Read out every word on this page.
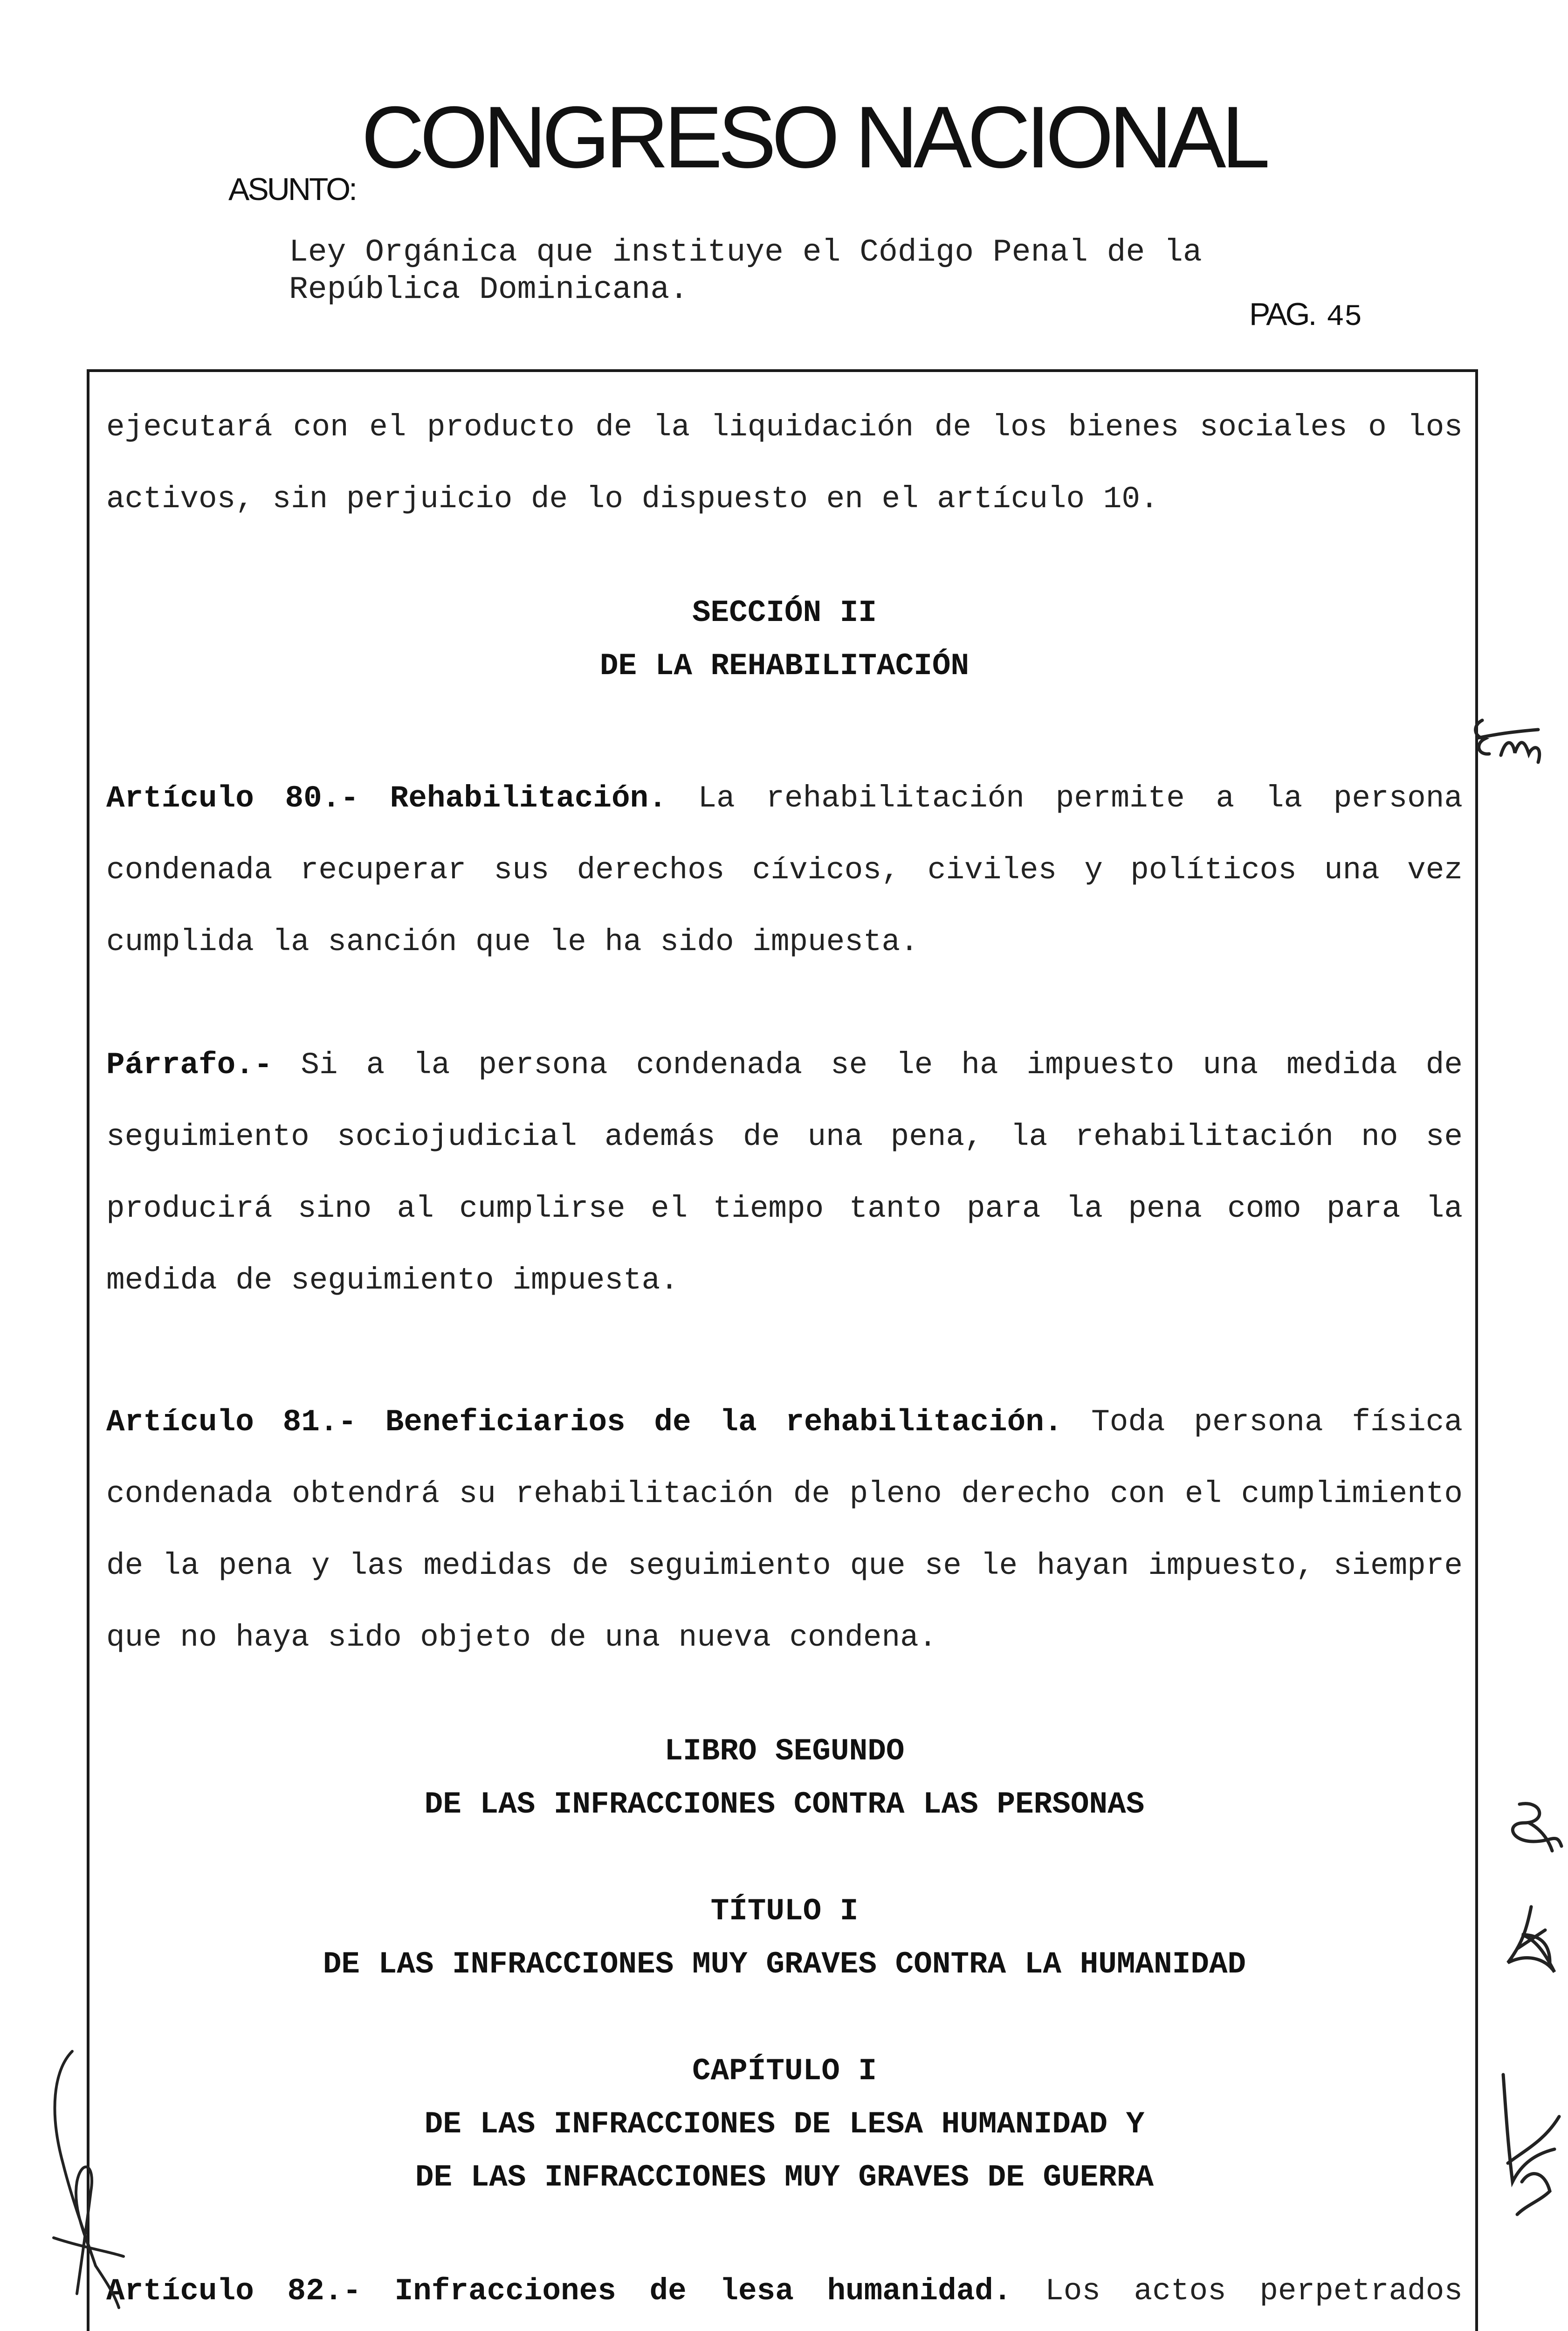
CONGRESO NACIONAL
ASUNTO:
Ley Orgánica que instituye el Código Penal de la
República Dominicana.
PAG. 45

ejecutará con el producto de la liquidación de los bienes sociales o los activos, sin perjuicio de lo dispuesto en el artículo 10.

SECCIÓN II
DE LA REHABILITACIÓN

Artículo 80.- Rehabilitación. La rehabilitación permite a la persona condenada recuperar sus derechos cívicos, civiles y políticos una vez cumplida la sanción que le ha sido impuesta.

Párrafo.- Si a la persona condenada se le ha impuesto una medida de seguimiento sociojudicial además de una pena, la rehabilitación no se producirá sino al cumplirse el tiempo tanto para la pena como para la medida de seguimiento impuesta.

Artículo 81.- Beneficiarios de la rehabilitación. Toda persona física condenada obtendrá su rehabilitación de pleno derecho con el cumplimiento de la pena y las medidas de seguimiento que se le hayan impuesto, siempre que no haya sido objeto de una nueva condena.

LIBRO SEGUNDO
DE LAS INFRACCIONES CONTRA LAS PERSONAS
TÍTULO I
DE LAS INFRACCIONES MUY GRAVES CONTRA LA HUMANIDAD
CAPÍTULO I
DE LAS INFRACCIONES DE LESA HUMANIDAD Y
DE LAS INFRACCIONES MUY GRAVES DE GUERRA

Artículo 82.- Infracciones de lesa humanidad. Los actos perpetrados
